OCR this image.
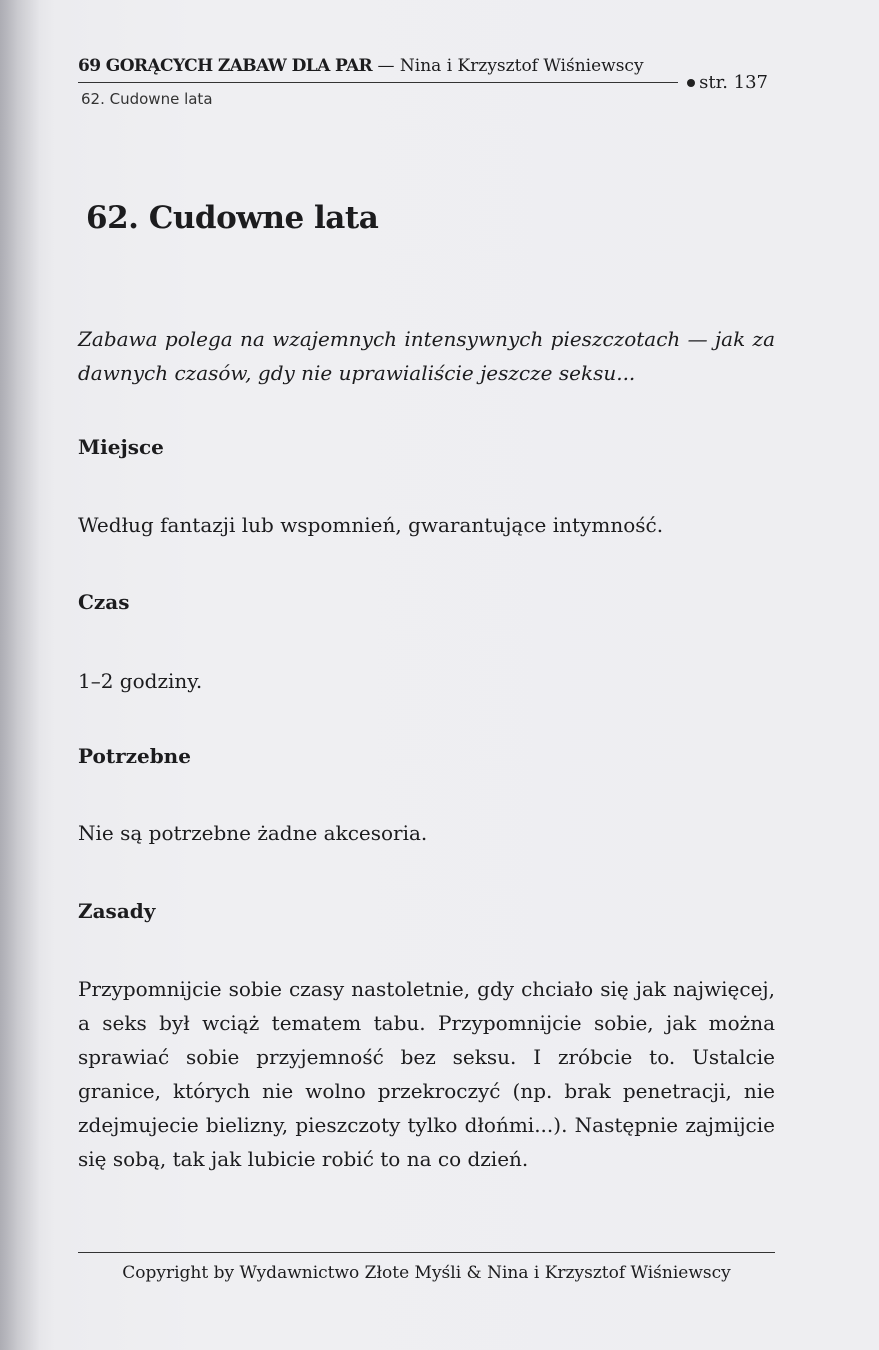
69 GORĄCYCH ZABAW DLA PAR — Nina i Krzysztof Wiśniewscy
str. 137
62. Cudowne lata
62. Cudowne lata

Zabawa polega na wzajemnych intensywnych pieszczotach — jak za dawnych czasów, gdy nie uprawialiście jeszcze seksu...

Miejsce

Według fantazji lub wspomnień, gwarantujące intymność.

Czas

1–2 godziny.

Potrzebne

Nie są potrzebne żadne akcesoria.

Zasady

Przypomnijcie sobie czasy nastoletnie, gdy chciało się jak najwięcej, a seks był wciąż tematem tabu. Przypomnijcie sobie, jak można sprawiać sobie przyjemność bez seksu. I zróbcie to. Ustalcie granice, których nie wolno przekroczyć (np. brak penetracji, nie zdejmujecie bielizny, pieszczoty tylko dłońmi...). Następnie zajmijcie się sobą, tak jak lubicie robić to na co dzień.

Copyright by Wydawnictwo Złote Myśli & Nina i Krzysztof Wiśniewscy
